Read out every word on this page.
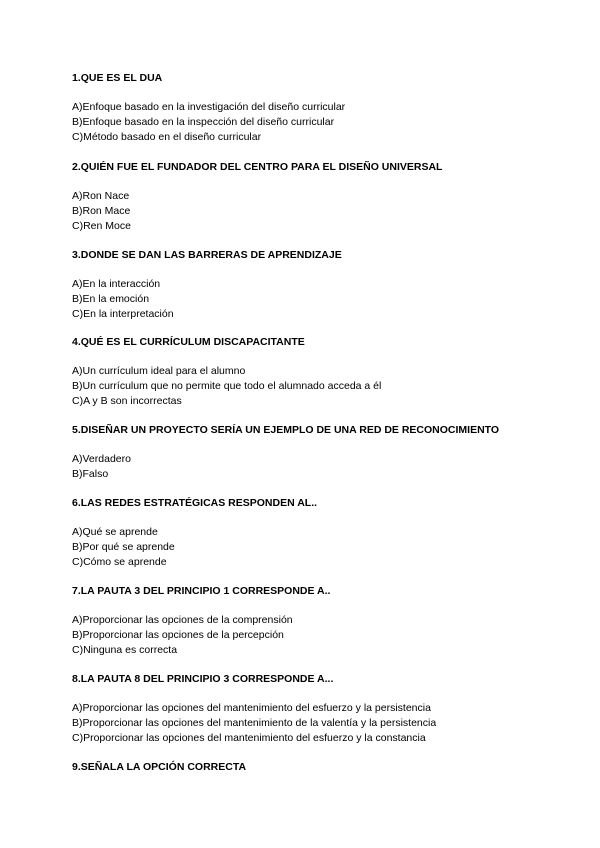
1.QUE ES EL DUA
A)Enfoque basado en la investigación del diseño curricular
B)Enfoque basado en la inspección del diseño curricular
C)Método basado en el diseño curricular
2.QUIÉN FUE EL FUNDADOR DEL CENTRO PARA EL DISEÑO UNIVERSAL
A)Ron Nace
B)Ron Mace
C)Ren Moce
3.DONDE SE DAN LAS BARRERAS DE APRENDIZAJE
A)En la interacción
B)En la emoción
C)En la interpretación
4.QUÉ ES EL CURRÍCULUM DISCAPACITANTE
A)Un currículum ideal para el alumno
B)Un currículum que no permite que todo el alumnado acceda a él
C)A y B son incorrectas
5.DISEÑAR UN PROYECTO SERÍA UN EJEMPLO DE UNA RED DE RECONOCIMIENTO
A)Verdadero
B)Falso
6.LAS REDES ESTRATÉGICAS RESPONDEN AL..
A)Qué se aprende
B)Por qué se aprende
C)Cómo se aprende
7.LA PAUTA 3 DEL PRINCIPIO 1 CORRESPONDE A..
A)Proporcionar las opciones de la comprensión
B)Proporcionar las opciones de la percepción
C)Ninguna es correcta
8.LA PAUTA 8 DEL PRINCIPIO 3 CORRESPONDE A...
A)Proporcionar las opciones del mantenimiento del esfuerzo y la persistencia
B)Proporcionar las opciones del mantenimiento de la valentía y la persistencia
C)Proporcionar las opciones del mantenimiento del esfuerzo y la constancia
9.SEÑALA LA OPCIÓN CORRECTA
